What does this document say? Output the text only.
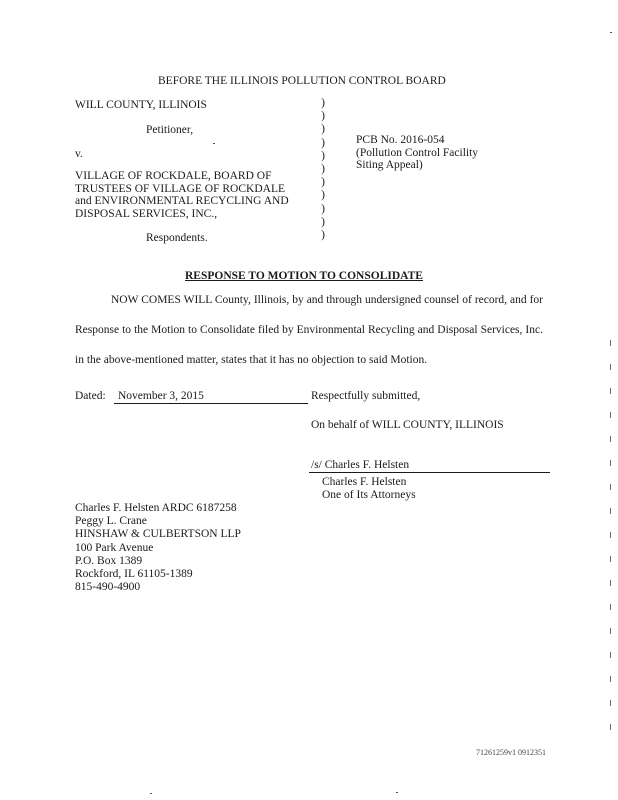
BEFORE THE ILLINOIS POLLUTION CONTROL BOARD
WILL COUNTY, ILLINOIS
Petitioner,
v.
VILLAGE OF ROCKDALE, BOARD OF
TRUSTEES OF VILLAGE OF ROCKDALE
and ENVIRONMENTAL RECYCLING AND
DISPOSAL SERVICES, INC.,
Respondents.
)
)
)
)
)
)
)
)
)
)
)
PCB No. 2016-054
(Pollution Control Facility
Siting Appeal)
RESPONSE TO MOTION TO CONSOLIDATE
NOW COMES WILL County, Illinois, by and through undersigned counsel of record, and for Response to the Motion to Consolidate filed by Environmental Recycling and Disposal Services, Inc. in the above-mentioned matter, states that it has no objection to said Motion.
Dated:	November 3, 2015	Respectfully submitted,
On behalf of WILL COUNTY, ILLINOIS
/s/ Charles F. Helsten
Charles F. Helsten
One of Its Attorneys
Charles F. Helsten ARDC 6187258
Peggy L. Crane
HINSHAW & CULBERTSON LLP
100 Park Avenue
P.O. Box 1389
Rockford, IL 61105-1389
815-490-4900
71261259v1 0912351
